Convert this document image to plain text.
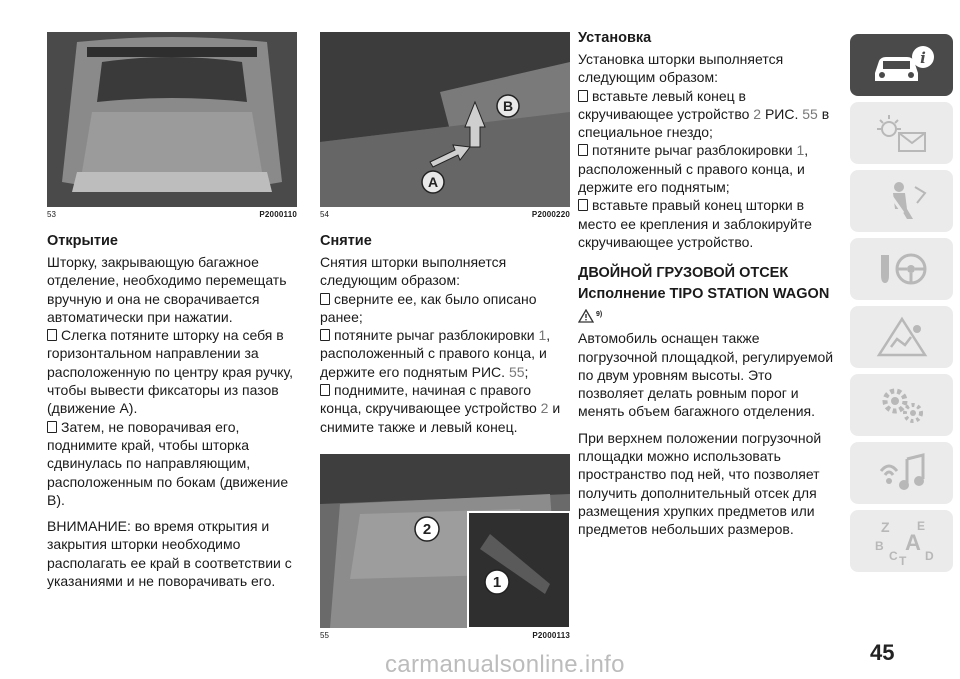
53	P2000110
Открытие

Шторку, закрывающую багажное отделение, необходимо перемещать вручную и она не сворачивается автоматически при нажатии.

Слегка потяните шторку на себя в горизонтальном направлении за расположенную по центру края ручку, чтобы вывести фиксаторы из пазов (движение A).

Затем, не поворачивая его, поднимите край, чтобы шторка сдвинулась по направляющим, расположенным по бокам (движение B).

ВНИМАНИЕ: во время открытия и закрытия шторки необходимо располагать ее край в соответствии с указаниями и не поворачивать его.

B
A
54	P2000220
Снятие

Снятия шторки выполняется следующим образом:

сверните ее, как было описано ранее;

потяните рычаг разблокировки 1, расположенный с правого конца, и держите его поднятым РИС. 55;

поднимите, начиная с правого конца, скручивающее устройство 2 и снимите также и левый конец.

2
1
55	P2000113
Установка

Установка шторки выполняется следующим образом:

вставьте левый конец в скручивающее устройство 2 РИС. 55 в специальное гнездо;

потяните рычаг разблокировки 1, расположенный с правого конца, и держите его поднятым;

вставьте правый конец шторки в место ее крепления и заблокируйте скручивающее устройство.

ДВОЙНОЙ ГРУЗОВОЙ ОТСЕК
Исполнение TIPO STATION WAGON
9)

Автомобиль оснащен также погрузочной площадкой, регулируемой по двум уровням высоты. Это позволяет делать ровным порог и менять объем багажного отделения.

При верхнем положении погрузочной площадки можно использовать пространство под ней, что позволяет получить дополнительный отсек для размещения хрупких предметов или предметов небольших размеров.

i
Z E
B A
C T D
45
carmanualsonline.info
